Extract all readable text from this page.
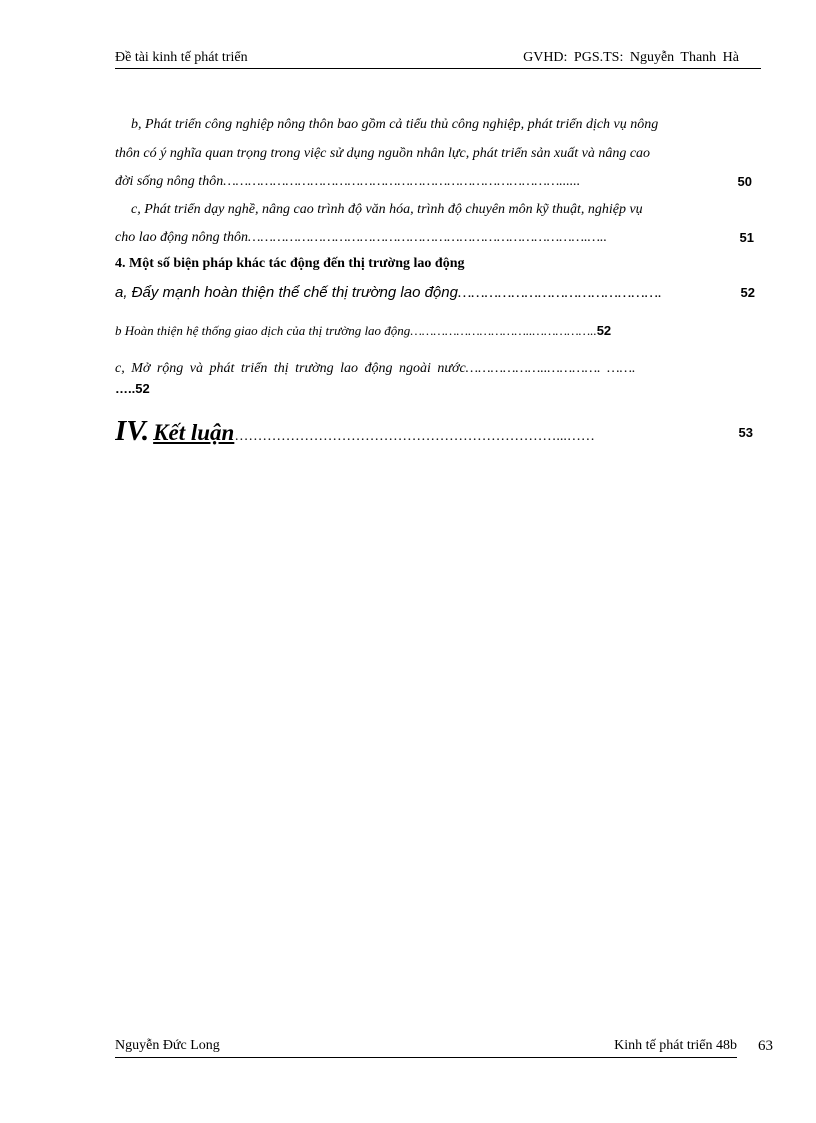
Đề tài kinh tế phát triển	GVHD: PGS.TS: Nguyễn Thanh Hà
b, Phát triển công nghiệp nông thôn bao gồm cả tiểu thủ công nghiệp, phát triển dịch vụ nông
thôn có ý nghĩa quan trọng trong việc sử dụng nguồn nhân lực, phát triển sản xuất và nâng cao
đời sống nông thôn………………………………………………………………………......	50
c, Phát triển dạy nghề, nâng cao trình độ văn hóa, trình độ chuyên môn kỹ thuật, nghiệp vụ
cho lao động nông thôn……………………………………………………………………….…..	51
4. Một số biện pháp khác tác động đến thị trường lao động
a, Đẩy mạnh hoàn thiện thể chế thị trường lao động……………………………………….	52
b Hoàn thiện hệ thống giao dịch của thị trường lao động…………………………..……………..52
c, Mở rộng và phát triển thị trường lao động ngoài nước………………..…………. …….
…..52
IV. Kết luận……………………………………………………………...……	53
Nguyễn Đức Long	Kinh tế phát triển 48b 63
